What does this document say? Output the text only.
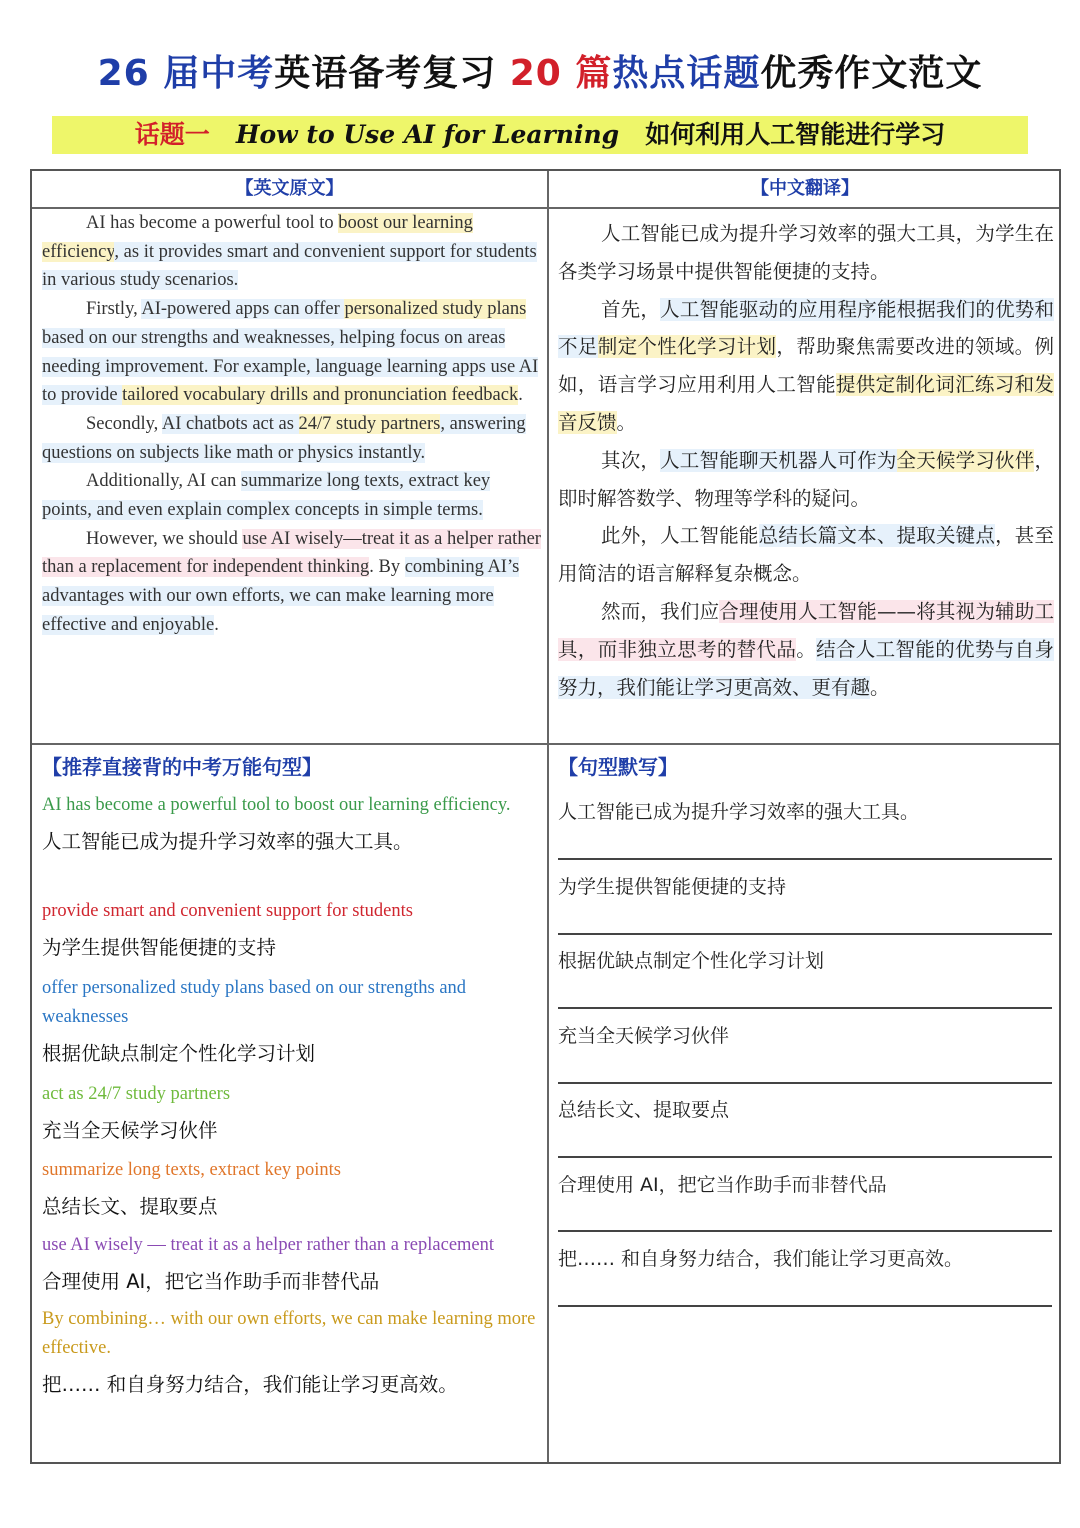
26 届中考英语备考复习 20 篇热点话题优秀作文范文
话题一 How to Use AI for Learning 如何利用人工智能进行学习
【英文原文】	【中文翻译】

AI has become a powerful tool to boost our learning efficiency, as it provides smart and convenient support for students in various study scenarios.

Firstly, AI-powered apps can offer personalized study plans based on our strengths and weaknesses, helping focus on areas needing improvement. For example, language learning apps use AI to provide tailored vocabulary drills and pronunciation feedback.

Secondly, AI chatbots act as 24/7 study partners, answering questions on subjects like math or physics instantly.

Additionally, AI can summarize long texts, extract key points, and even explain complex concepts in simple terms.

However, we should use AI wisely—treat it as a helper rather than a replacement for independent thinking. By combining AI’s advantages with our own efforts, we can make learning more effective and enjoyable.

人工智能已成为提升学习效率的强大工具，为学生在各类学习场景中提供智能便捷的支持。

首先，人工智能驱动的应用程序能根据我们的优势和不足制定个性化学习计划，帮助聚焦需要改进的领域。例如，语言学习应用利用人工智能提供定制化词汇练习和发音反馈。

其次，人工智能聊天机器人可作为全天候学习伙伴，即时解答数学、物理等学科的疑问。

此外，人工智能能总结长篇文本、提取关键点，甚至用简洁的语言解释复杂概念。

然而，我们应合理使用人工智能——将其视为辅助工具，而非独立思考的替代品。结合人工智能的优势与自身努力，我们能让学习更高效、更有趣。

【推荐直接背的中考万能句型】	【句型默写】
AI has become a powerful tool to boost our learning efficiency.
人工智能已成为提升学习效率的强大工具。
provide smart and convenient support for students
为学生提供智能便捷的支持
offer personalized study plans based on our strengths and weaknesses
根据优缺点制定个性化学习计划
act as 24/7 study partners
充当全天候学习伙伴
summarize long texts, extract key points
总结长文、提取要点
use AI wisely — treat it as a helper rather than a replacement
合理使用 AI，把它当作助手而非替代品
By combining… with our own efforts, we can make learning more effective.
把…… 和自身努力结合，我们能让学习更高效。
人工智能已成为提升学习效率的强大工具。
为学生提供智能便捷的支持
根据优缺点制定个性化学习计划
充当全天候学习伙伴
总结长文、提取要点
合理使用 AI，把它当作助手而非替代品
把…… 和自身努力结合，我们能让学习更高效。
